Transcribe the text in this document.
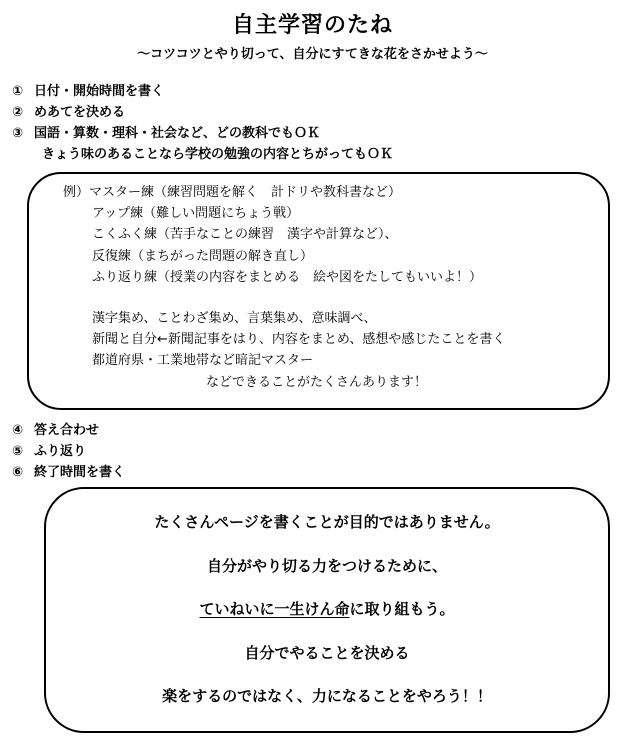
自主学習のたね
～コツコツとやり切って、自分にすてきな花をさかせよう～
① 日付・開始時間を書く
② めあてを決める
③ 国語・算数・理科・社会など、どの教科でもＯＫ
きょう味のあることなら学校の勉強の内容とちがってもＯＫ
例）マスター練（練習問題を解く　計ドリや教科書など）
アップ練（難しい問題にちょう戦）
こくふく練（苦手なことの練習　漢字や計算など）、
反復練（まちがった問題の解き直し）
ふり返り練（授業の内容をまとめる　絵や図をたしてもいいよ！）
漢字集め、ことわざ集め、言葉集め、意味調べ、
新聞と自分←新聞記事をはり、内容をまとめ、感想や感じたことを書く
都道府県・工業地帯など暗記マスター
などできることがたくさんあります！
④ 答え合わせ
⑤ ふり返り
⑥ 終了時間を書く
たくさんページを書くことが目的ではありません。
自分がやり切る力をつけるために、
ていねいに一生けん命に取り組もう。
自分でやることを決める
楽をするのではなく、力になることをやろう！！
